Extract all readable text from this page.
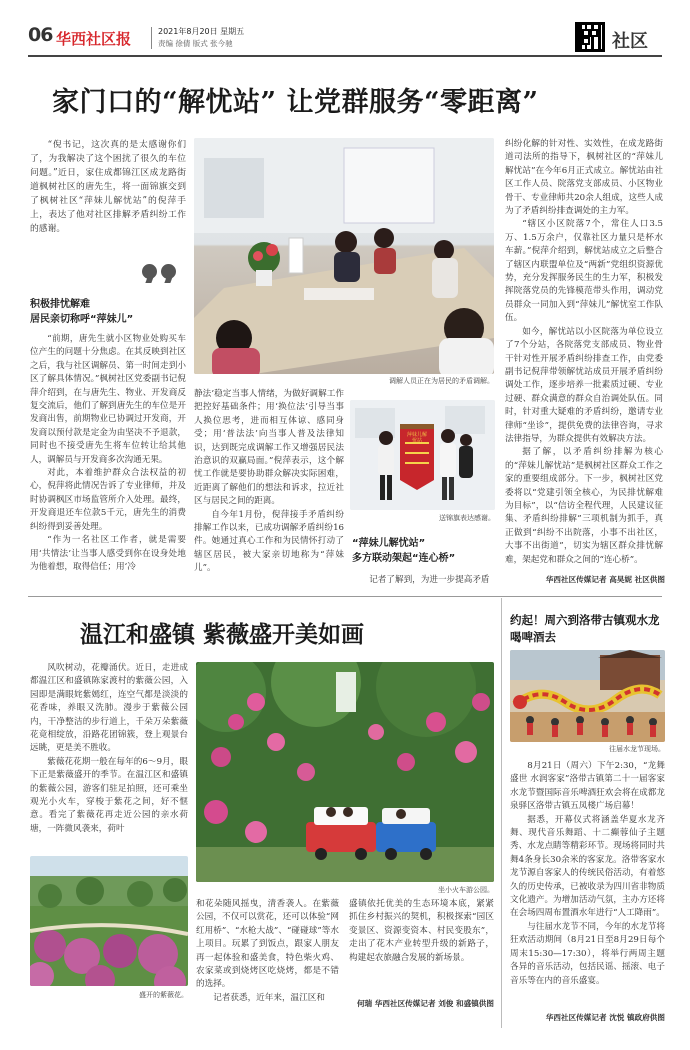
06 华西社区报	2021年8月20日 星期五
责编 徐倩 版式 张今驰	社区
家门口的“解忧站” 让党群服务“零距离”

“倪书记，这次真的是太感谢你们了，为我解决了这个困扰了很久的车位问题。”近日，家住成都锦江区成龙路街道枫树社区的唐先生，将一面锦旗交到了枫树社区“萍妹儿解忧站”的倪萍手上，表达了他对社区排解矛盾纠纷工作的感谢。

积极排忧解难
居民亲切称呼“萍妹儿”

“前期，唐先生就小区物业处购买车位产生的问题十分焦虑。在其反映到社区之后，我与社区调解员、第一时间走到小区了解具体情况。”枫树社区党委副书记倪萍介绍到，在与唐先生、物业、开发商反复交流后，他们了解到唐先生的车位是开发商出售，前期物业已协调过开发商，开发商以预付款是定金为由坚决不予退款，同时也不接受唐先生将车位转让给其他人，调解员与开发商多次沟通无果。

对此，本着维护群众合法权益的初心，倪萍将此情况告诉了专业律师，并及时协调枫区市场监管所介入处理。最终，开发商退还车位款5千元，唐先生的消费纠纷得到妥善处理。

“作为一名社区工作者，就是需要用‘共情法’让当事人感受到你在设身处地为他着想，取得信任；用‘冷

调解人员正在为居民的矛盾调解。

静法’稳定当事人情绪，为做好调解工作把控好基础条件；用‘换位法’引导当事人换位思考，进而相互体谅、感同身受；用‘普法法’向当事人普及法律知识，达到既完成调解工作又增强居民法治意识的双赢局面。”倪萍表示，这个解忧工作就是要协助群众解决实际困难，近距离了解他们的想法和诉求，拉近社区与居民之间的距离。

自今年1月份，倪萍接手矛盾纠纷排解工作以来，已成功调解矛盾纠纷16件。她通过真心工作和为民情怀打动了辖区居民，被大家亲切地称为“萍妹儿”。

萍妹儿解忧站
送锦旗表达感谢。
“萍妹儿解忧站”
多方联动架起“连心桥”

记者了解到，为进一步提高矛盾

纠纷化解的针对性、实效性，在成龙路街道司法所的指导下，枫树社区的“萍妹儿解忧站”在今年6月正式成立。解忧站由社区工作人员、院落党支部成员、小区物业骨干、专业律师共20余人组成，这些人成为了矛盾纠纷排查调处的主力军。

“辖区小区院落7个，常住人口3.5万、1.5万余户，仅靠社区力量只是杯水车薪。”倪萍介绍到，解忧站成立之后整合了辖区内联盟单位及“两新”党组织资源优势，充分发挥服务民生的生力军，积极发挥院落党员的先锋模范带头作用，调动党员群众一同加入到“萍妹儿”解忧室工作队伍。

如今，解忧站以小区院落为单位设立了7个分站，各院落党支部成员、物业骨干针对性开展矛盾纠纷排查工作，由党委副书记倪萍带领解忧站成员开展矛盾纠纷调处工作，逐步培养一批素质过硬、专业过硬、群众满意的群众自治调处队伍。同时，针对重大疑难的矛盾纠纷，邀请专业律师“坐诊”，提供免费的法律咨询，寻求法律指导，为群众提供有效解决方法。

据了解，以矛盾纠纷排解为核心的“萍妹儿解忧站”是枫树社区群众工作之家的重要组成部分。下一步，枫树社区党委将以“党建引领全核心，为民排忧解难为目标”，以“信访全程代理，人民建议征集、矛盾纠纷排解”三项机制为抓手，真正做到“纠纷不出院落，小事不出社区，大事不出街道”，切实为辖区群众排忧解难，架起党和群众之间的“连心桥”。

华西社区传媒记者 高昊妮 社区供图
温江和盛镇 紫薇盛开美如画

风吹树动，花瓣涌伏。近日，走进成都温江区和盛镇陈家渡村的紫薇公园，入园即是满眼姹紫嫣红，连空气都是淡淡的花香味，养眼又洗肺。漫步于紫薇公园内，干净整洁的步行道上，千朵万朵紫薇花竟相绽放，沿路花团锦簇，登上观景台远眺，更是美不胜收。

紫薇花花期一般在每年的6～9月，眼下正是紫薇盛开的季节。在温江区和盛镇的紫薇公园，游客们驻足拍照，还可乘坐观光小火车，穿梭于紫花之间，好不惬意。看完了紫薇花再走近公园的亲水荷塘，一阵微风袭来，荷叶

盛开的紫薇花。
坐小火车游公园。

和花朵随风摇曳，清香袭人。在紫薇公园，不仅可以赏花，还可以体验“网红用桥”、“水枪大战”、“碰碰球”等水上项目。玩累了到饭点，跟家人朋友再一起体验和盛美食，特色柴火鸡、农家菜或到烧烤区吃烧烤，都是不错的选择。

记者获悉，近年来，温江区和

盛镇依托优美的生态环境本底，紧紧抓住乡村振兴的契机，积极探索“园区变景区、资源变资本、村民变股东”，走出了花木产业转型升级的新路子，构建起农旅融合发展的新场景。

何瑞 华西社区传媒记者 刘俊 和盛镇供图
约起！周六到洛带古镇观水龙喝啤酒去
往届水龙节现场。

8月21日（周六）下午2:30，“龙舞盛世 水润客家”洛带古镇第二十一届客家水龙节暨国际音乐啤酒狂欢会将在成都龙泉驿区洛带古镇五凤楼广场启幕！

据悉，开幕仪式将涵盖华夏水龙齐舞、现代音乐舞蹈、十二癫蓉仙子主题秀、水龙点睛等精彩环节。现场将同时共舞4条身长30余米的客家龙。洛带客家水龙节源自客家人的传统民俗活动，有着悠久的历史传承，已被收录为四川省非物质文化遗产。为增加活动气氛，主办方还将在会场四周布置酒水年进行“人工降雨”。

与往届水龙节不同，今年的水龙节将狂欢活动期间（8月21日至8月29日每个周末15:30—17:30），将举行两周主题各异的音乐活动，包括民谣、摇滚、电子音乐等在内的音乐盛宴。

华西社区传媒记者 沈悦 镇政府供图
